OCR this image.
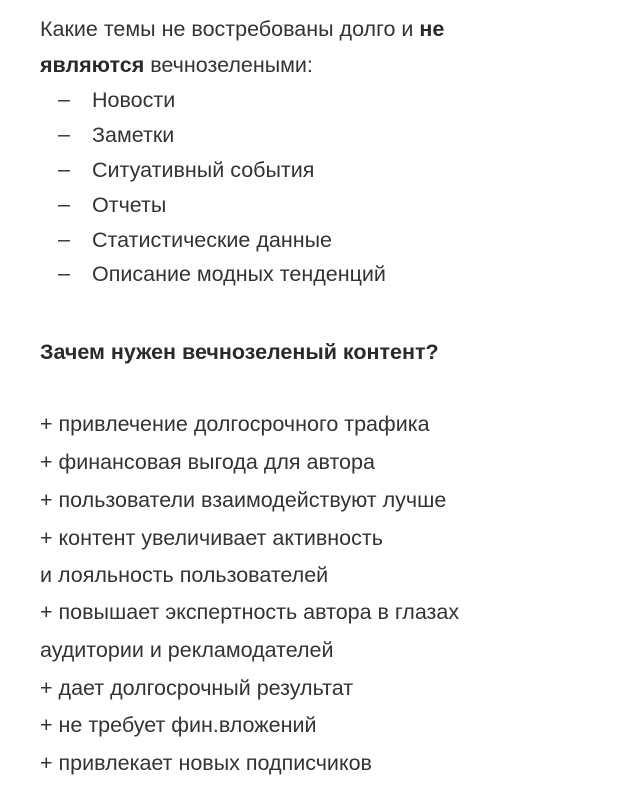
Какие темы не востребованы долго и не
являются вечнозелеными:
– Новости
– Заметки
– Ситуативный события
– Отчеты
– Статистические данные
– Описание модных тенденций
Зачем нужен вечнозеленый контент?
+ привлечение долгосрочного трафика
+ финансовая выгода для автора
+ пользователи взаимодействуют лучше
+ контент увеличивает активность
и лояльность пользователей
+ повышает экспертность автора в глазах
аудитории и рекламодателей
+ дает долгосрочный результат
+ не требует фин.вложений
+ привлекает новых подписчиков
